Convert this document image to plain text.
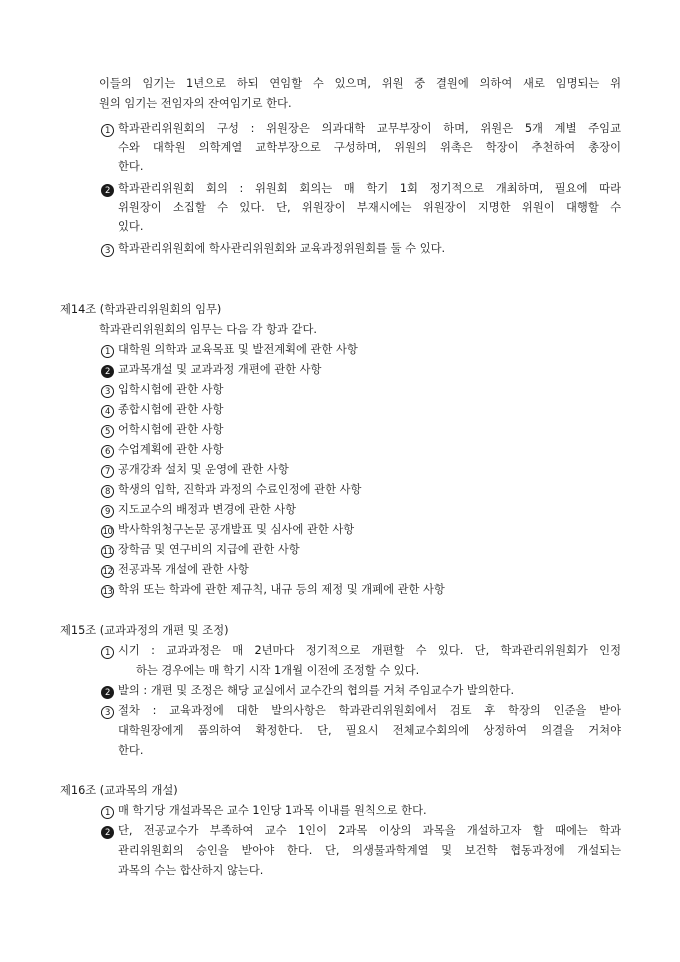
이들의 임기는 1년으로 하되 연임할 수 있으며, 위원 중 결원에 의하여 새로 임명되는 위
원의 임기는 전임자의 잔여임기로 한다.
1 학과관리위원회의 구성 : 위원장은 의과대학 교무부장이 하며, 위원은 5개 계별 주임교
수와 대학원 의학계열 교학부장으로 구성하며, 위원의 위촉은 학장이 추천하여 총장이
한다.
2 학과관리위원회 회의 : 위원회 회의는 매 학기 1회 정기적으로 개최하며, 필요에 따라
위원장이 소집할 수 있다. 단, 위원장이 부재시에는 위원장이 지명한 위원이 대행할 수
있다.
3 학과관리위원회에 학사관리위원회와 교육과정위원회를 둘 수 있다.
제14조 (학과관리위원회의 임무)
학과관리위원회의 임무는 다음 각 항과 같다.
1 대학원 의학과 교육목표 및 발전계획에 관한 사항
2 교과목개설 및 교과과정 개편에 관한 사항
3 입학시험에 관한 사항
4 종합시험에 관한 사항
5 어학시험에 관한 사항
6 수업계획에 관한 사항
7 공개강좌 설치 및 운영에 관한 사항
8 학생의 입학, 진학과 과정의 수료인정에 관한 사항
9 지도교수의 배정과 변경에 관한 사항
10 박사학위청구논문 공개발표 및 심사에 관한 사항
11 장학금 및 연구비의 지급에 관한 사항
12 전공과목 개설에 관한 사항
13 학위 또는 학과에 관한 제규칙, 내규 등의 제정 및 개폐에 관한 사항
제15조 (교과과정의 개편 및 조정)
1 시기 : 교과과정은 매 2년마다 정기적으로 개편할 수 있다. 단, 학과관리위원회가 인정
하는 경우에는 매 학기 시작 1개월 이전에 조정할 수 있다.
2 발의 : 개편 및 조정은 해당 교실에서 교수간의 협의를 거쳐 주임교수가 발의한다.
3 절차 : 교육과정에 대한 발의사항은 학과관리위원회에서 검토 후 학장의 인준을 받아
대학원장에게 품의하여 확정한다. 단, 필요시 전체교수회의에 상정하여 의결을 거쳐야
한다.
제16조 (교과목의 개설)
1 매 학기당 개설과목은 교수 1인당 1과목 이내를 원칙으로 한다.
2 단, 전공교수가 부족하여 교수 1인이 2과목 이상의 과목을 개설하고자 할 때에는 학과
관리위원회의 승인을 받아야 한다. 단, 의생물과학계열 및 보건학 협동과정에 개설되는
과목의 수는 합산하지 않는다.
